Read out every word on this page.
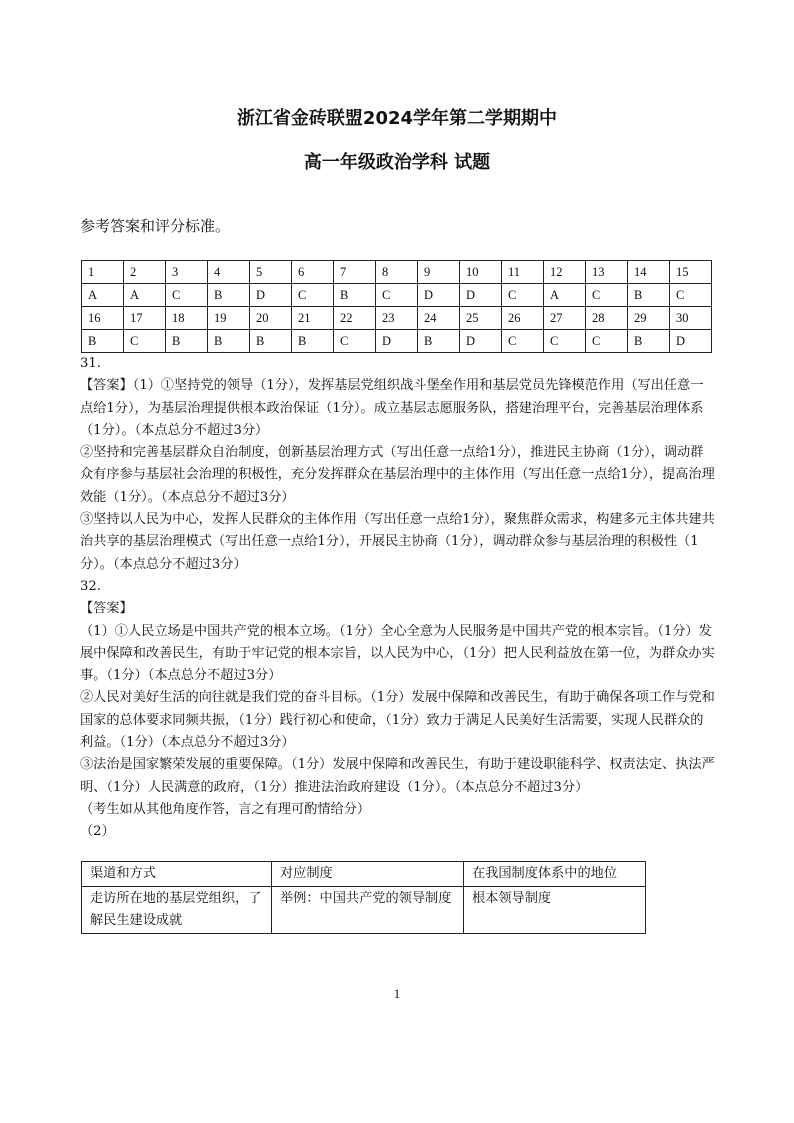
浙江省金砖联盟2024学年第二学期期中
高一年级政治学科 试题
参考答案和评分标准。
1	2	3	4	5	6	7	8	9	10	11	12	13	14	15
A	A	C	B	D	C	B	C	D	D	C	A	C	B	C
16	17	18	19	20	21	22	23	24	25	26	27	28	29	30
B	C	B	B	B	B	C	D	B	D	C	C	C	B	D

31.

【答案】（1）①坚持党的领导（1分），发挥基层党组织战斗堡垒作用和基层党员先锋模范作用（写出任意一点给1分），为基层治理提供根本政治保证（1分）。成立基层志愿服务队，搭建治理平台，完善基层治理体系（1分）。（本点总分不超过3分）

②坚持和完善基层群众自治制度，创新基层治理方式（写出任意一点给1分），推进民主协商（1分），调动群众有序参与基层社会治理的积极性，充分发挥群众在基层治理中的主体作用（写出任意一点给1分），提高治理效能（1分）。（本点总分不超过3分）

③坚持以人民为中心，发挥人民群众的主体作用（写出任意一点给1分），聚焦群众需求，构建多元主体共建共治共享的基层治理模式（写出任意一点给1分），开展民主协商（1分），调动群众参与基层治理的积极性（1分）。（本点总分不超过3分）

32.

【答案】

（1）①人民立场是中国共产党的根本立场。（1分）全心全意为人民服务是中国共产党的根本宗旨。（1分）发展中保障和改善民生，有助于牢记党的根本宗旨，以人民为中心，（1分）把人民利益放在第一位，为群众办实事。（1分）（本点总分不超过3分）

②人民对美好生活的向往就是我们党的奋斗目标。（1分）发展中保障和改善民生，有助于确保各项工作与党和国家的总体要求同频共振，（1分）践行初心和使命，（1分）致力于满足人民美好生活需要，实现人民群众的利益。（1分）（本点总分不超过3分）

③法治是国家繁荣发展的重要保障。（1分）发展中保障和改善民生，有助于建设职能科学、权责法定、执法严明、（1分）人民满意的政府，（1分）推进法治政府建设（1分）。（本点总分不超过3分）

（考生如从其他角度作答，言之有理可酌情给分）

（2）

渠道和方式	对应制度	在我国制度体系中的地位
走访所在地的基层党组织，了解民生建设成就	举例：中国共产党的领导制度	根本领导制度
1
